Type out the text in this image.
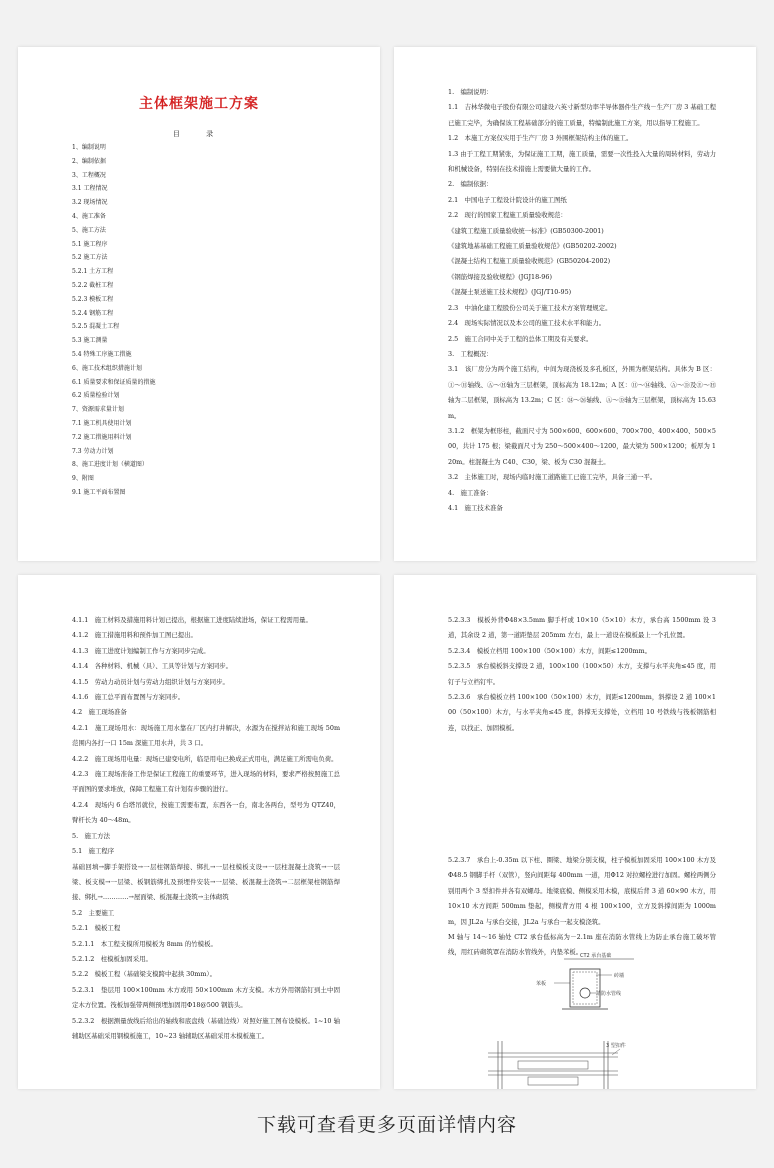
主体框架施工方案
目 录
1、编制说明
2、编制依据
3、工程概况
3.1 工程情况
3.2 现场情况
4、施工准备
5、施工方法
5.1 施工程序
5.2 施工方法
5.2.1 土方工程
5.2.2 截桩工程
5.2.3 模板工程
5.2.4 钢筋工程
5.2.5 混凝土工程
5.3 施工测量
5.4 特殊工序施工措施
6、施工技术组织措施计划
6.1 质量要求和保证质量的措施
6.2 质量检验计划
7、资源需求量计划
7.1 施工机具使用计划
7.2 施工措施用料计划
7.3 劳动力计划
8、施工进度计划（横道图）
9、附图
9.1 施工平面布置图

1.　编制说明：

1.1　吉林华微电子股份有限公司建设六英寸新型功率半导体器件生产线－生产厂房 3 基础工程已施工完毕，为确保该工程基础部分的施工质量，特编制此施工方案，用以指导工程施工。

1.2　本施工方案仅实用于生产厂房 3 外围框架结构主体的施工。

1.3 由于工程工期紧张，为保证施工工期，施工质量，需要一次性投入大量的周转材料，劳动力和机械设备，特别在技术措施上需要做大量的工作。

2.　编制依据：

2.1　中国电子工程设计院设计的施工图纸

2.2　现行的国家工程施工质量验收规范：

《建筑工程施工质量验收统一标准》(GB50300-2001)

《建筑地基基础工程施工质量验收规范》(GB50202-2002)

《混凝土结构工程施工质量验收规范》(GB50204-2002)

《钢筋焊接及验收规程》(JGJ18-96)

《混凝土泵送施工技术规程》(JGJ/T10-95)

2.3　中油化建工程股份公司关于施工技术方案管理规定。

2.4　现场实际情况以及本公司的施工技术水平和能力。

2.5　施工合同中关于工程的总体工期及有关要求。

3.　工程概况：

3.1　该厂房分为两个施工结构，中间为现浇板及多孔板区，外围为框架结构。具体为 B 区：①～⑪轴线、Ⓐ～Ⓗ轴为三层框架，顶标高为 18.12m；A 区：⑪～⑭轴线、Ⓐ～Ⓓ及Ⓔ～Ⓗ轴为二层框架，顶标高为 13.2m；C 区：㉔～㉖轴线、Ⓐ～Ⓓ轴为三层框架，顶标高为 15.63m。

3.1.2　框架为框形柱，截面尺寸为 500×600、600×600、700×700、400×400、500×500，共计 175 根；梁截面尺寸为 250～500×400～1200，最大梁为 500×1200；板厚为 120m。柱混凝土为 C40、C30，梁、板为 C30 混凝土。

3.2　主体施工时，现场内临时施工道路施工已施工完毕，具备三通一平。

4.　施工准备：

4.1　施工技术准备

4.1.1　施工材料及措施用料计划已提出，根据施工进度陆续进场，保证工程需用量。

4.1.2　施工措施用料和预件加工图已提出。

4.1.3　施工进度计划编制工作与方案同步完成。

4.1.4　各种材料、机械（具）、工具等计划与方案同步。

4.1.5　劳动力动员计划与劳动力组织计划与方案同步。

4.1.6　施工总平面布置图与方案同步。

4.2　施工现场准备

4.2.1　施工现场用水：现场施工用水靠在厂区内打井解决，水源为在搅拌站和施工现场 50m 范围内各打一口 15m 深施工用水井，共 3 口。

4.2.2　施工现场用电量：现场已建变电所，临是用电已换成正式用电，满足施工所需电负荷。

4.2.3　施工现场准备工作是保证工程施工的重要环节，进入现场的材料，要求严格按照施工总平面图的要求堆放，保障工程施工有计划有步骤的进行。

4.2.4　现场内 6 台塔吊就位，按施工需要布置，东西各一台，南北各两台，型号为 QTZ40，臂杆长为 40～48m。

5.　施工方法

5.1　施工程序

基础回填→脚手架搭设→一层柱钢筋焊接、绑扎→一层柱模板支设→一层柱混凝土浇筑→一层梁、板支模→一层梁、板钢筋绑扎及预埋件安装→一层梁、板混凝土浇筑→二层框架柱钢筋焊接、绑扎→…………→屋面梁、板混凝土浇筑→主体砌筑

5.2　主要施工

5.2.1　模板工程

5.2.1.1　本工程支模所用模板为 8mm 的竹模板。

5.2.1.2　柱模板加固采用。

5.2.2　模板工程（基础梁支模跨中起拱 30mm）。

5.2.3.1　垫层用 100×100mm 木方或用 50×100mm 木方支模。木方外用钢筋钉到土中固定木方位置。筏板加强带两侧预埋加固用Φ18@500 钢筋头。

5.2.3.2　根据测量放线后给出的轴线和底盘线（基础边线）对照好施工图布设模板。1~10 轴辅助区基础采用钢模板施工，10~23 轴辅助区基础采用木模板施工。

5.2.3.3　模板外背Φ48×3.5mm 脚手杆或 10×10（5×10）木方，承台高 1500mm 设 3 道，其余设 2 道，第一道距垫层 205mm 左右，最上一道设在模板最上一个孔位置。

5.2.3.4　模板立档用 100×100（50×100）木方，间距≤1200mm。

5.2.3.5　承台模板斜支撑设 2 道，100×100（100×50）木方，支撑与水平夹角≤45 度，用钉子与立档钉牢。

5.2.3.6　承台模板立档 100×100（50×100）木方，间距≤1200mm，斜撑设 2 道 100×100（50×100）木方，与水平夹角≤45 度，斜撑无支撑处，立档用 10 号铁线与筏板钢筋相连，以找正、加固模板。

5.2.3.7　承台上-0.35m 以下柱、圈梁、地梁分别支模，柱子模板加固采用 100×100 木方及Φ48.5 钢脚手杆（双管），竖向间距每 400mm 一道，用Φ12 对拉螺栓进行加固。螺栓两侧分别用两个 3 型扣件并各有双螺母。地梁底模、侧模采用木模，底模后背 3 道 60×90 木方，用 10×10 木方间距 500mm 垫起，侧模背方用 4 根 100×100，立方及斜撑间距为 1000mm，因 JL2a 与承台交接，JL2a 与承台一起支模浇筑。

M 轴与 14～16 轴处 CT2 承台低标高为－2.1m 座在消防水管线上为防止承台施工破坏管线，用红砖砌筑罩在消防水管线外，内垫苯板。

CT2 承台基础
砖墙
苯板
消防水管线
3 型扣件
下载可查看更多页面详情内容
